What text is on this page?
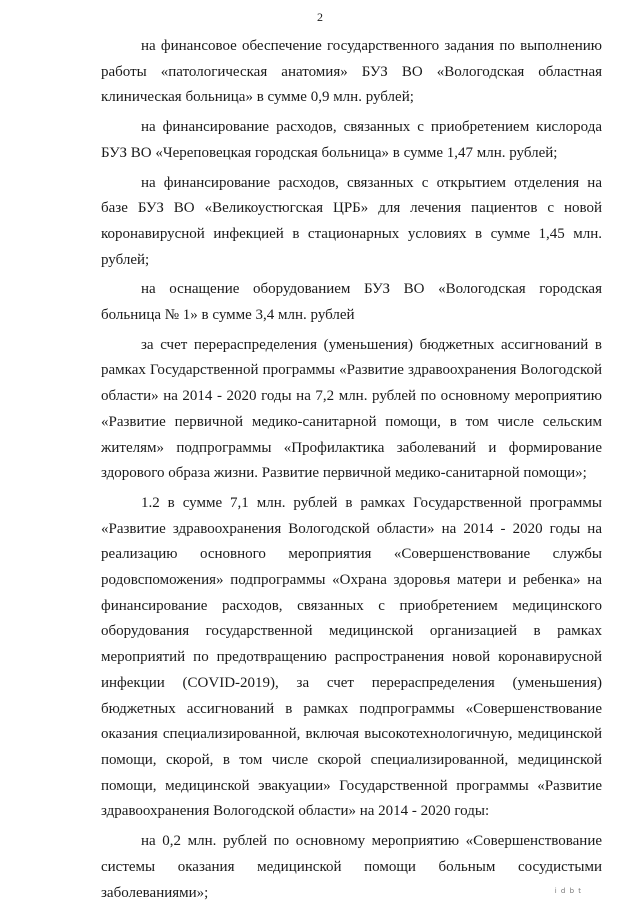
2

на финансовое обеспечение государственного задания по выполнению работы «патологическая анатомия» БУЗ ВО «Вологодская областная клиническая больница» в сумме 0,9 млн. рублей;

на финансирование расходов, связанных с приобретением кислорода БУЗ ВО «Череповецкая городская больница» в сумме 1,47 млн. рублей;

на финансирование расходов, связанных с открытием отделения на базе БУЗ ВО «Великоустюгская ЦРБ» для лечения пациентов с новой коронавирусной инфекцией в стационарных условиях в сумме 1,45 млн. рублей;

на оснащение оборудованием БУЗ ВО «Вологодская городская больница № 1» в сумме 3,4 млн. рублей

за счет перераспределения (уменьшения) бюджетных ассигнований в рамках Государственной программы «Развитие здравоохранения Вологодской области» на 2014 - 2020 годы на 7,2 млн. рублей по основному мероприятию «Развитие первичной медико-санитарной помощи, в том числе сельским жителям» подпрограммы «Профилактика заболеваний и формирование здорового образа жизни. Развитие первичной медико-санитарной помощи»;

1.2 в сумме 7,1 млн. рублей в рамках Государственной программы «Развитие здравоохранения Вологодской области» на 2014 - 2020 годы на реализацию основного мероприятия «Совершенствование службы родовспоможения» подпрограммы «Охрана здоровья матери и ребенка» на финансирование расходов, связанных с приобретением медицинского оборудования государственной медицинской организацией в рамках мероприятий по предотвращению распространения новой коронавирусной инфекции (COVID-2019), за счет перераспределения (уменьшения) бюджетных ассигнований в рамках подпрограммы «Совершенствование оказания специализированной, включая высокотехнологичную, медицинской помощи, скорой, в том числе скорой специализированной, медицинской помощи, медицинской эвакуации» Государственной программы «Развитие здравоохранения Вологодской области» на 2014 - 2020 годы:

на 0,2 млн. рублей по основному мероприятию «Совершенствование системы оказания медицинской помощи больным сосудистыми заболеваниями»;	i d b t
